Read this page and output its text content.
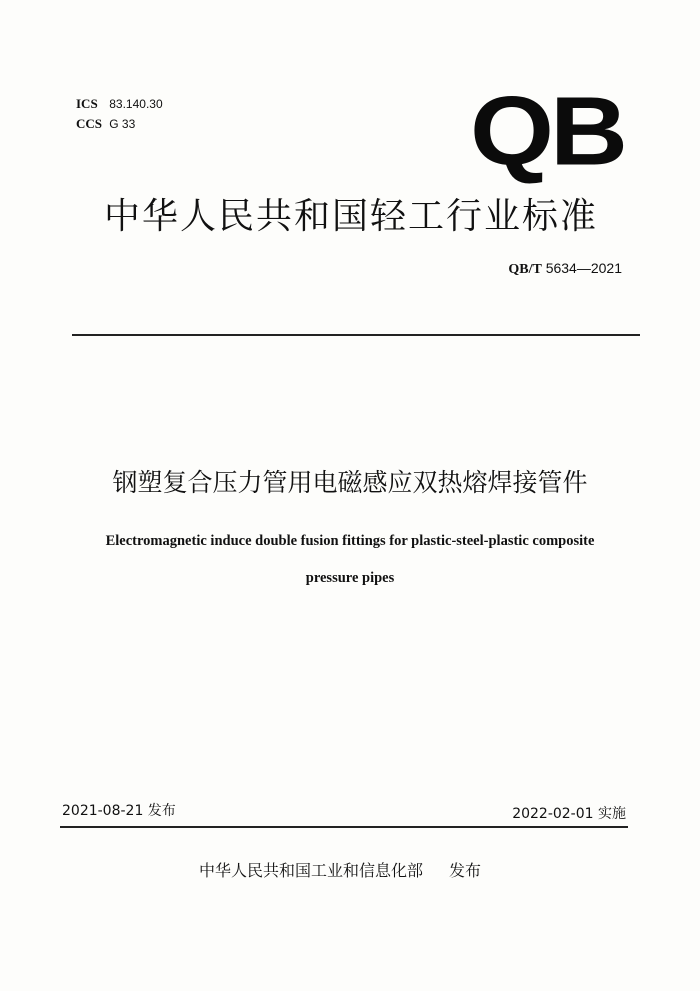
ICS 83.140.30
CCS G 33	QB
中华人民共和国轻工行业标准
QB/T 5634—2021
钢塑复合压力管用电磁感应双热熔焊接管件
Electromagnetic induce double fusion fittings for plastic-steel-plastic composite
pressure pipes
2021-08-21 发布	2022-02-01 实施
中华人民共和国工业和信息化部 发布
